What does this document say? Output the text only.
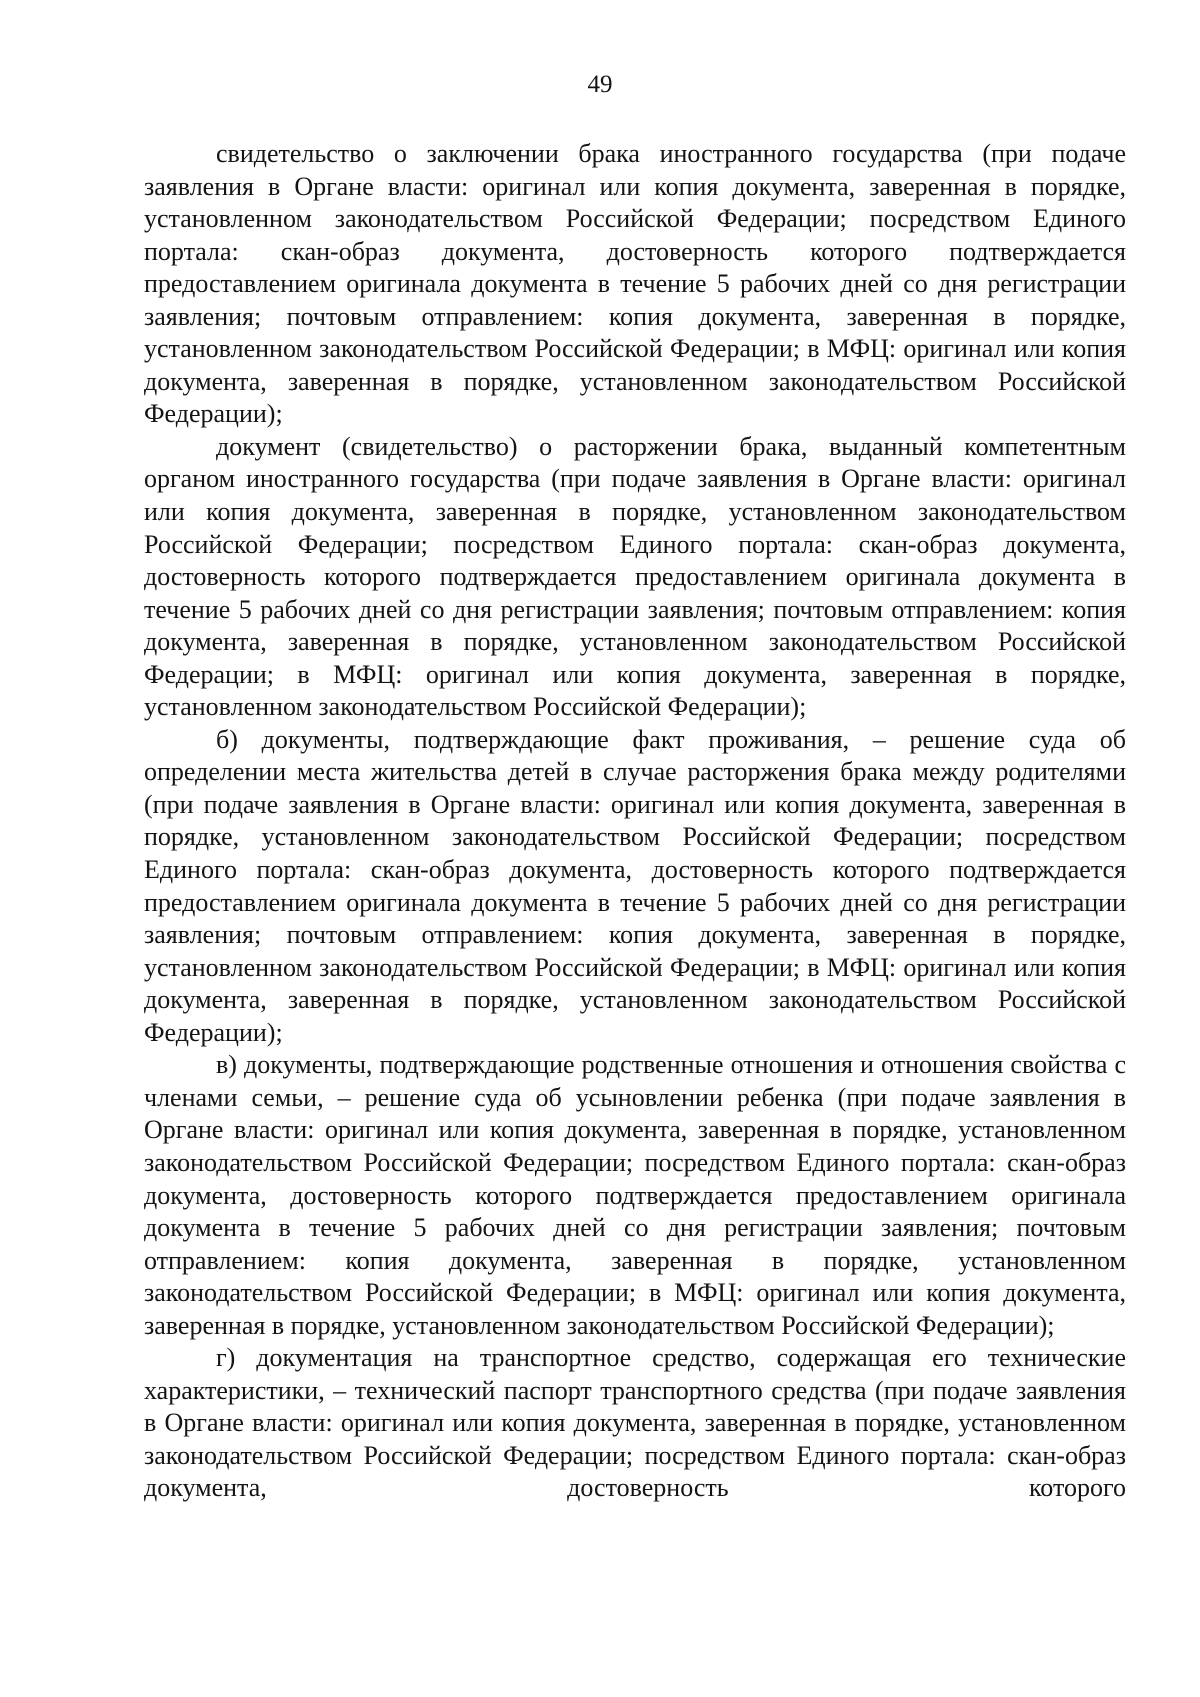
49

свидетельство о заключении брака иностранного государства (при подаче заявления в Органе власти: оригинал или копия документа, заверенная в порядке, установленном законодательством Российской Федерации; посредством Единого портала: скан-образ документа, достоверность которого подтверждается предоставлением оригинала документа в течение 5 рабочих дней со дня регистрации заявления; почтовым отправлением: копия документа, заверенная в порядке, установленном законодательством Российской Федерации; в МФЦ: оригинал или копия документа, заверенная в порядке, установленном законодательством Российской Федерации);

документ (свидетельство) о расторжении брака, выданный компетентным органом иностранного государства (при подаче заявления в Органе власти: оригинал или копия документа, заверенная в порядке, установленном законодательством Российской Федерации; посредством Единого портала: скан-образ документа, достоверность которого подтверждается предоставлением оригинала документа в течение 5 рабочих дней со дня регистрации заявления; почтовым отправлением: копия документа, заверенная в порядке, установленном законодательством Российской Федерации; в МФЦ: оригинал или копия документа, заверенная в порядке, установленном законодательством Российской Федерации);

б) документы, подтверждающие факт проживания, – решение суда об определении места жительства детей в случае расторжения брака между родителями (при подаче заявления в Органе власти: оригинал или копия документа, заверенная в порядке, установленном законодательством Российской Федерации; посредством Единого портала: скан-образ документа, достоверность которого подтверждается предоставлением оригинала документа в течение 5 рабочих дней со дня регистрации заявления; почтовым отправлением: копия документа, заверенная в порядке, установленном законодательством Российской Федерации; в МФЦ: оригинал или копия документа, заверенная в порядке, установленном законодательством Российской Федерации);

в) документы, подтверждающие родственные отношения и отношения свойства с членами семьи, – решение суда об усыновлении ребенка (при подаче заявления в Органе власти: оригинал или копия документа, заверенная в порядке, установленном законодательством Российской Федерации; посредством Единого портала: скан-образ документа, достоверность которого подтверждается предоставлением оригинала документа в течение 5 рабочих дней со дня регистрации заявления; почтовым отправлением: копия документа, заверенная в порядке, установленном законодательством Российской Федерации; в МФЦ: оригинал или копия документа, заверенная в порядке, установленном законодательством Российской Федерации);

г) документация на транспортное средство, содержащая его технические характеристики, – технический паспорт транспортного средства (при подаче заявления в Органе власти: оригинал или копия документа, заверенная в порядке, установленном законодательством Российской Федерации; посредством Единого портала: скан-образ документа, достоверность которого
